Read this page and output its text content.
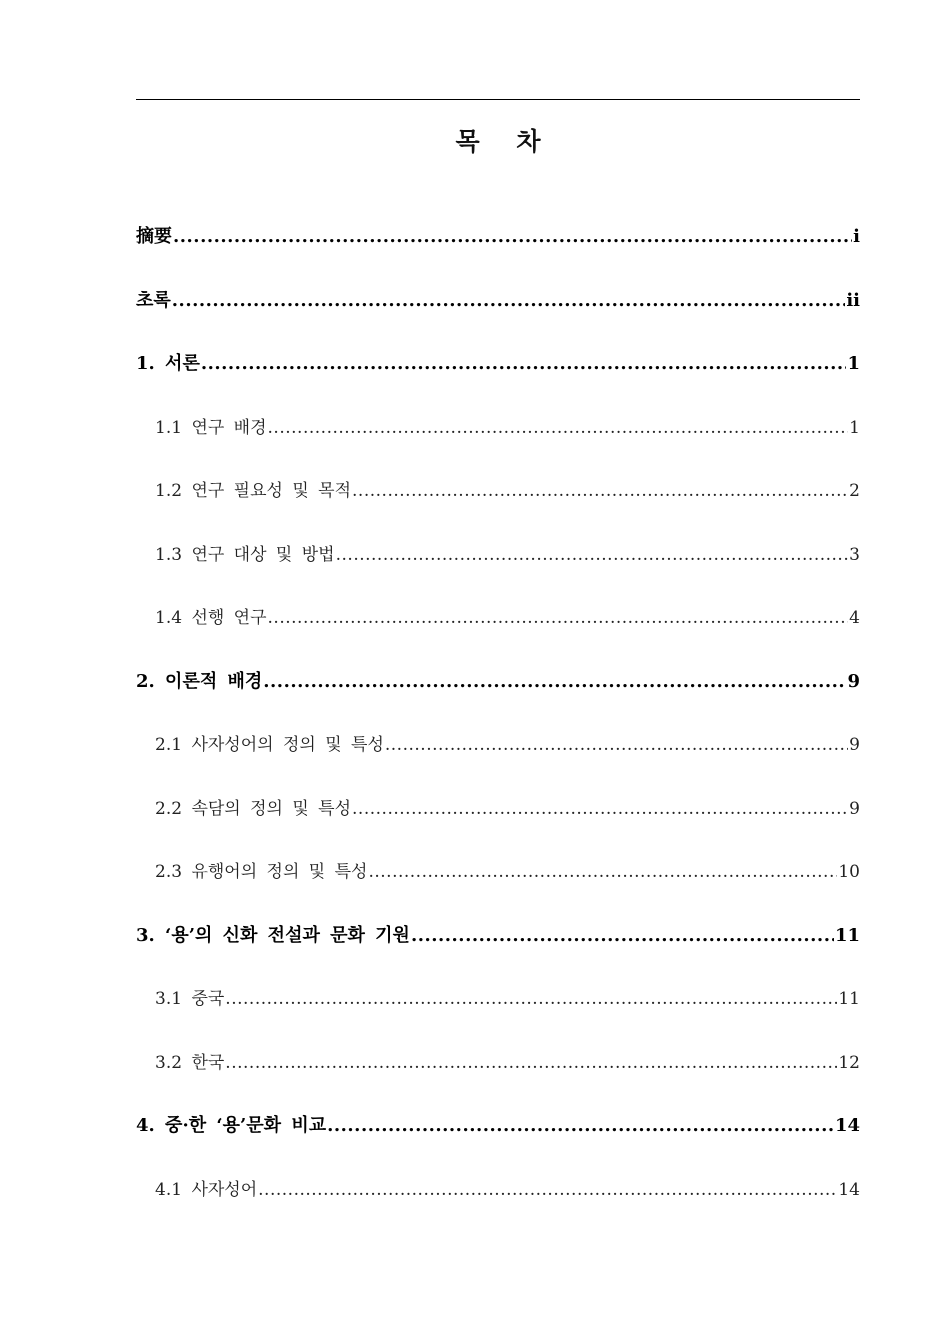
목 차
摘要 .....	i
초록 .....	ii
1. 서론 .....	1
1.1 연구 배경 .....	1
1.2 연구 필요성 및 목적 .....	2
1.3 연구 대상 및 방법 .....	3
1.4 선행 연구 .....	4
2. 이론적 배경 .....	9
2.1 사자성어의 정의 및 특성 .....	9
2.2 속담의 정의 및 특성 .....	9
2.3 유행어의 정의 및 특성 .....	10
3. ‘용’의 신화 전설과 문화 기원 .....	11
3.1 중국 .....	11
3.2 한국 .....	12
4. 중·한 ‘용’문화 비교 .....	14
4.1 사자성어 .....	14
